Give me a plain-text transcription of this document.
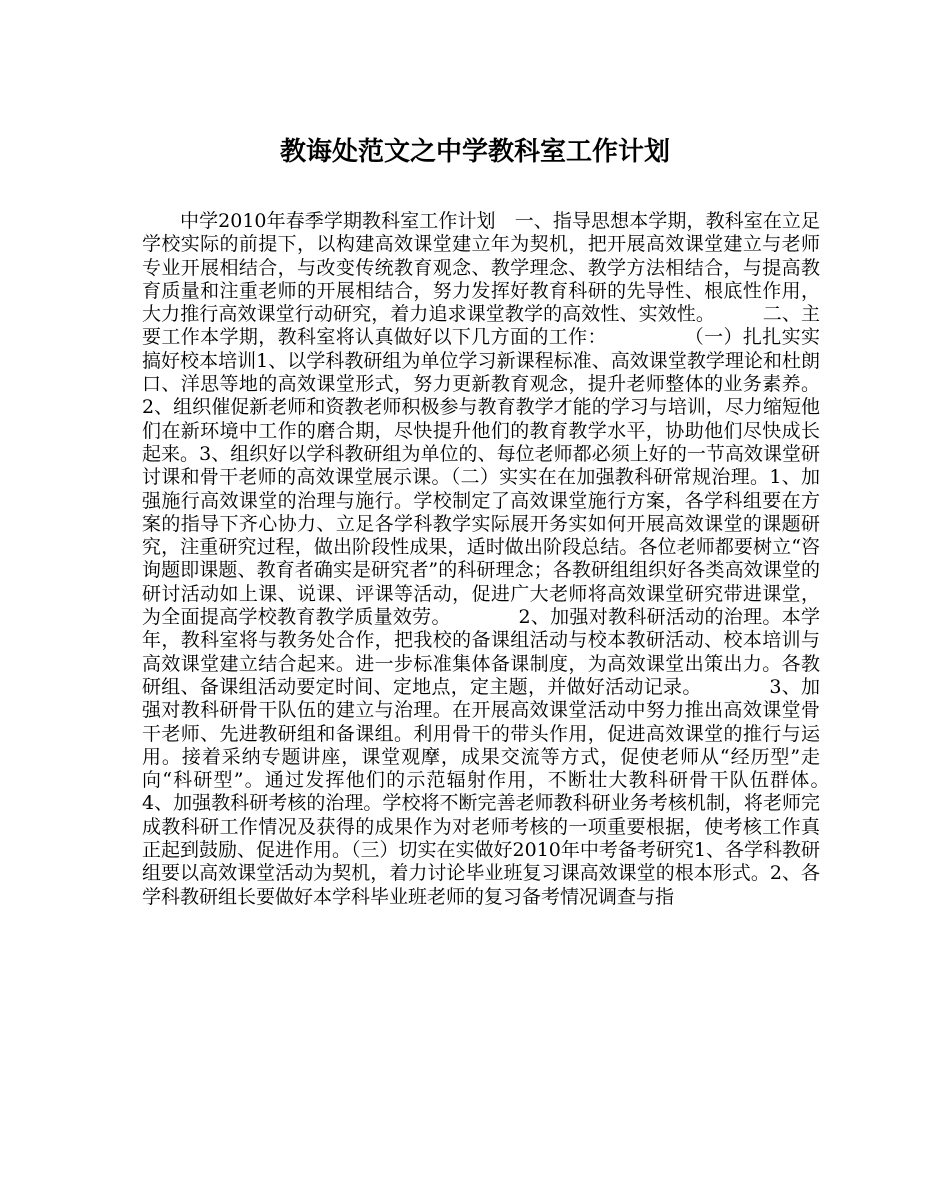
教诲处范文之中学教科室工作计划

中学2010年春季学期教科室工作计划　一、指导思想本学期，教科室在立足学校实际的前提下，以构建高效课堂建立年为契机，把开展高效课堂建立与老师专业开展相结合，与改变传统教育观念、教学理念、教学方法相结合，与提高教育质量和注重老师的开展相结合，努力发挥好教育科研的先导性、根底性作用，大力推行高效课堂行动研究，着力追求课堂教学的高效性、实效性。　　　二、主要工作本学期，教科室将认真做好以下几方面的工作：　　　　　（一）扎扎实实搞好校本培训1、以学科教研组为单位学习新课程标准、高效课堂教学理论和杜朗口、洋思等地的高效课堂形式，努力更新教育观念，提升老师整体的业务素养。2、组织催促新老师和资教老师积极参与教育教学才能的学习与培训，尽力缩短他们在新环境中工作的磨合期，尽快提升他们的教育教学水平，协助他们尽快成长起来。3、组织好以学科教研组为单位的、每位老师都必须上好的一节高效课堂研讨课和骨干老师的高效课堂展示课。（二）实实在在加强教科研常规治理。1、加强施行高效课堂的治理与施行。学校制定了高效课堂施行方案，各学科组要在方案的指导下齐心协力、立足各学科教学实际展开务实如何开展高效课堂的课题研究，注重研究过程，做出阶段性成果，适时做出阶段总结。各位老师都要树立“咨询题即课题、教育者确实是研究者”的科研理念；各教研组组织好各类高效课堂的研讨活动如上课、说课、评课等活动，促进广大老师将高效课堂研究带进课堂，为全面提高学校教育教学质量效劳。　　　　2、加强对教科研活动的治理。本学年，教科室将与教务处合作，把我校的备课组活动与校本教研活动、校本培训与高效课堂建立结合起来。进一步标准集体备课制度，为高效课堂出策出力。各教研组、备课组活动要定时间、定地点，定主题，并做好活动记录。　　　　3、加强对教科研骨干队伍的建立与治理。在开展高效课堂活动中努力推出高效课堂骨干老师、先进教研组和备课组。利用骨干的带头作用，促进高效课堂的推行与运用。接着采纳专题讲座，课堂观摩，成果交流等方式，促使老师从“经历型”走向“科研型”。通过发挥他们的示范辐射作用，不断壮大教科研骨干队伍群体。　　　　4、加强教科研考核的治理。学校将不断完善老师教科研业务考核机制，将老师完成教科研工作情况及获得的成果作为对老师考核的一项重要根据，使考核工作真正起到鼓励、促进作用。（三）切实在实做好2010年中考备考研究1、各学科教研组要以高效课堂活动为契机，着力讨论毕业班复习课高效课堂的根本形式。2、各学科教研组长要做好本学科毕业班老师的复习备考情况调查与指
